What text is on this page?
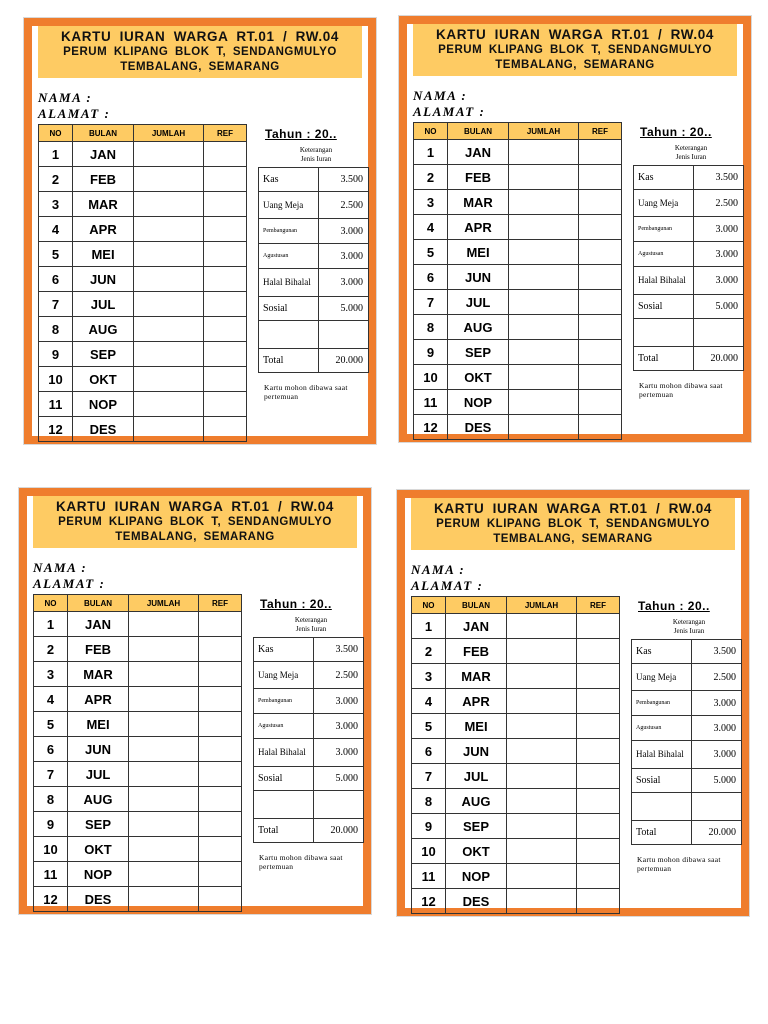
KARTU IURAN WARGA RT.01 / RW.04
PERUM KLIPANG BLOK T, SENDANGMULYO
TEMBALANG, SEMARANG
NAMA :
ALAMAT :
NO	BULAN	JUMLAH	REF
1	JAN		
2	FEB		
3	MAR		
4	APR		
5	MEI		
6	JUN		
7	JUL		
8	AUG		
9	SEP		
10	OKT		
11	NOP		
12	DES		
Tahun : 20..
Keterangan
Jenis Iuran
Kas	3.500
Uang Meja	2.500
Pembangunan	3.000
Agustusan	3.000
Halal Bihalal	3.000
Sosial	5.000

Total	20.000
Kartu mohon dibawa saat pertemuan
KARTU IURAN WARGA RT.01 / RW.04
PERUM KLIPANG BLOK T, SENDANGMULYO
TEMBALANG, SEMARANG
NAMA :
ALAMAT :
NO	BULAN	JUMLAH	REF
1	JAN		
2	FEB		
3	MAR		
4	APR		
5	MEI		
6	JUN		
7	JUL		
8	AUG		
9	SEP		
10	OKT		
11	NOP		
12	DES		
Tahun : 20..
Keterangan
Jenis Iuran
Kas	3.500
Uang Meja	2.500
Pembangunan	3.000
Agustusan	3.000
Halal Bihalal	3.000
Sosial	5.000

Total	20.000
Kartu mohon dibawa saat pertemuan
KARTU IURAN WARGA RT.01 / RW.04
PERUM KLIPANG BLOK T, SENDANGMULYO
TEMBALANG, SEMARANG
NAMA :
ALAMAT :
NO	BULAN	JUMLAH	REF
1	JAN		
2	FEB		
3	MAR		
4	APR		
5	MEI		
6	JUN		
7	JUL		
8	AUG		
9	SEP		
10	OKT		
11	NOP		
12	DES		
Tahun : 20..
Keterangan
Jenis Iuran
Kas	3.500
Uang Meja	2.500
Pembangunan	3.000
Agustusan	3.000
Halal Bihalal	3.000
Sosial	5.000

Total	20.000
Kartu mohon dibawa saat pertemuan
KARTU IURAN WARGA RT.01 / RW.04
PERUM KLIPANG BLOK T, SENDANGMULYO
TEMBALANG, SEMARANG
NAMA :
ALAMAT :
NO	BULAN	JUMLAH	REF
1	JAN		
2	FEB		
3	MAR		
4	APR		
5	MEI		
6	JUN		
7	JUL		
8	AUG		
9	SEP		
10	OKT		
11	NOP		
12	DES		
Tahun : 20..
Keterangan
Jenis Iuran
Kas	3.500
Uang Meja	2.500
Pembangunan	3.000
Agustusan	3.000
Halal Bihalal	3.000
Sosial	5.000

Total	20.000
Kartu mohon dibawa saat pertemuan
